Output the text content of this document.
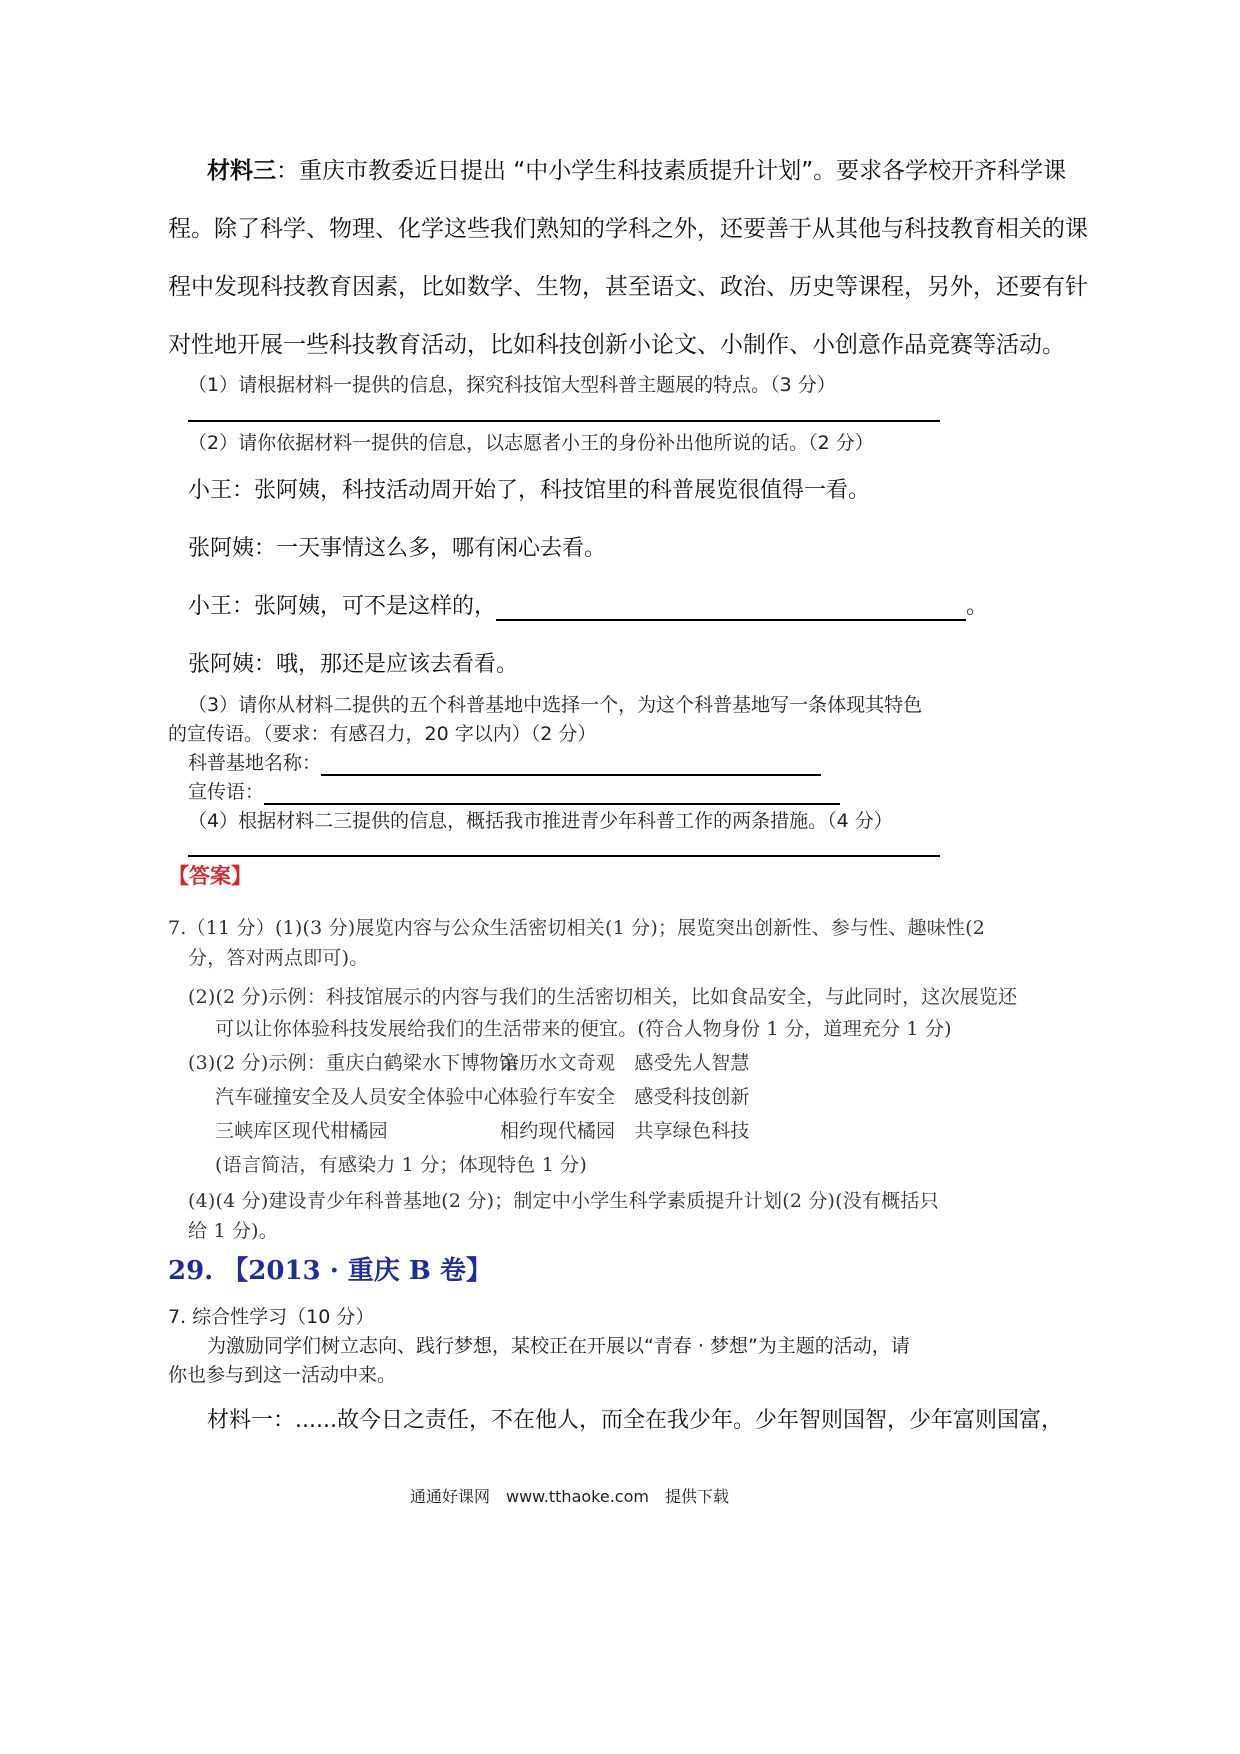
材料三：重庆市教委近日提出 “中小学生科技素质提升计划”。要求各学校开齐科学课
程。除了科学、物理、化学这些我们熟知的学科之外，还要善于从其他与科技教育相关的课
程中发现科技教育因素，比如数学、生物，甚至语文、政治、历史等课程，另外，还要有针
对性地开展一些科技教育活动，比如科技创新小论文、小制作、小创意作品竞赛等活动。
（1）请根据材料一提供的信息，探究科技馆大型科普主题展的特点。（3 分）
（2）请你依据材料一提供的信息，以志愿者小王的身份补出他所说的话。（2 分）
小王：张阿姨，科技活动周开始了，科技馆里的科普展览很值得一看。
张阿姨：一天事情这么多，哪有闲心去看。
小王：张阿姨，可不是这样的，	。
张阿姨：哦，那还是应该去看看。
（3）请你从材料二提供的五个科普基地中选择一个，为这个科普基地写一条体现其特色
的宣传语。（要求：有感召力，20 字以内）（2 分）
科普基地名称：
宣传语：
（4）根据材料二三提供的信息，概括我市推进青少年科普工作的两条措施。（4 分）
【答案】
7.（11 分）(1)(3 分)展览内容与公众生活密切相关(1 分)；展览突出创新性、参与性、趣味性(2
分，答对两点即可)。
(2)(2 分)示例：科技馆展示的内容与我们的生活密切相关，比如食品安全，与此同时，这次展览还
可以让你体验科技发展给我们的生活带来的便宜。(符合人物身份 1 分，道理充分 1 分)
(3)(2 分)示例：重庆白鹤梁水下博物馆
亲历水文奇观　感受先人智慧
汽车碰撞安全及人员安全体验中心
体验行车安全　感受科技创新
三峡库区现代柑橘园	相约现代橘园　共享绿色科技
(语言简洁，有感染力 1 分；体现特色 1 分)
(4)(4 分)建设青少年科普基地(2 分)；制定中小学生科学素质提升计划(2 分)(没有概括只
给 1 分)。
29. 【2013 · 重庆 B 卷】
7. 综合性学习（10 分）
为激励同学们树立志向、践行梦想，某校正在开展以“青春 · 梦想”为主题的活动，请
你也参与到这一活动中来。
材料一：......故今日之责任，不在他人，而全在我少年。少年智则国智，少年富则国富，
通通好课网　www.tthaoke.com　提供下载
